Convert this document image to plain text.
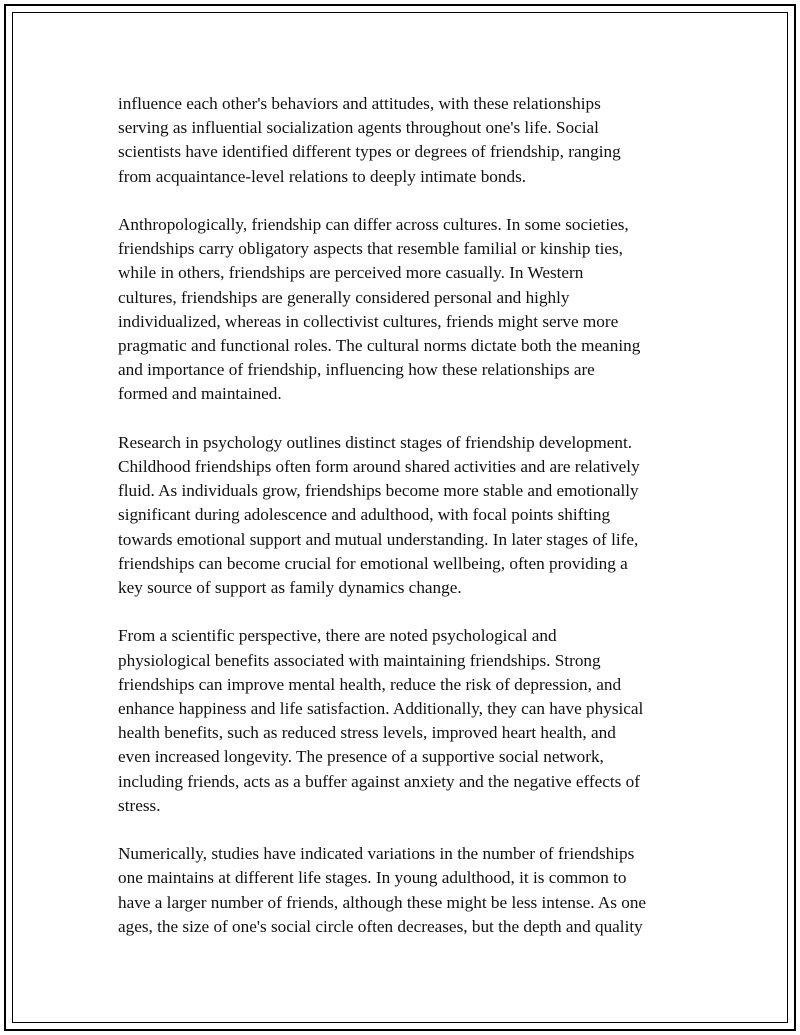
influence each other's behaviors and attitudes, with these relationships
serving as influential socialization agents throughout one's life. Social
scientists have identified different types or degrees of friendship, ranging
from acquaintance-level relations to deeply intimate bonds.

Anthropologically, friendship can differ across cultures. In some societies,
friendships carry obligatory aspects that resemble familial or kinship ties,
while in others, friendships are perceived more casually. In Western
cultures, friendships are generally considered personal and highly
individualized, whereas in collectivist cultures, friends might serve more
pragmatic and functional roles. The cultural norms dictate both the meaning
and importance of friendship, influencing how these relationships are
formed and maintained.

Research in psychology outlines distinct stages of friendship development.
Childhood friendships often form around shared activities and are relatively
fluid. As individuals grow, friendships become more stable and emotionally
significant during adolescence and adulthood, with focal points shifting
towards emotional support and mutual understanding. In later stages of life,
friendships can become crucial for emotional wellbeing, often providing a
key source of support as family dynamics change.

From a scientific perspective, there are noted psychological and
physiological benefits associated with maintaining friendships. Strong
friendships can improve mental health, reduce the risk of depression, and
enhance happiness and life satisfaction. Additionally, they can have physical
health benefits, such as reduced stress levels, improved heart health, and
even increased longevity. The presence of a supportive social network,
including friends, acts as a buffer against anxiety and the negative effects of
stress.

Numerically, studies have indicated variations in the number of friendships
one maintains at different life stages. In young adulthood, it is common to
have a larger number of friends, although these might be less intense. As one
ages, the size of one's social circle often decreases, but the depth and quality
